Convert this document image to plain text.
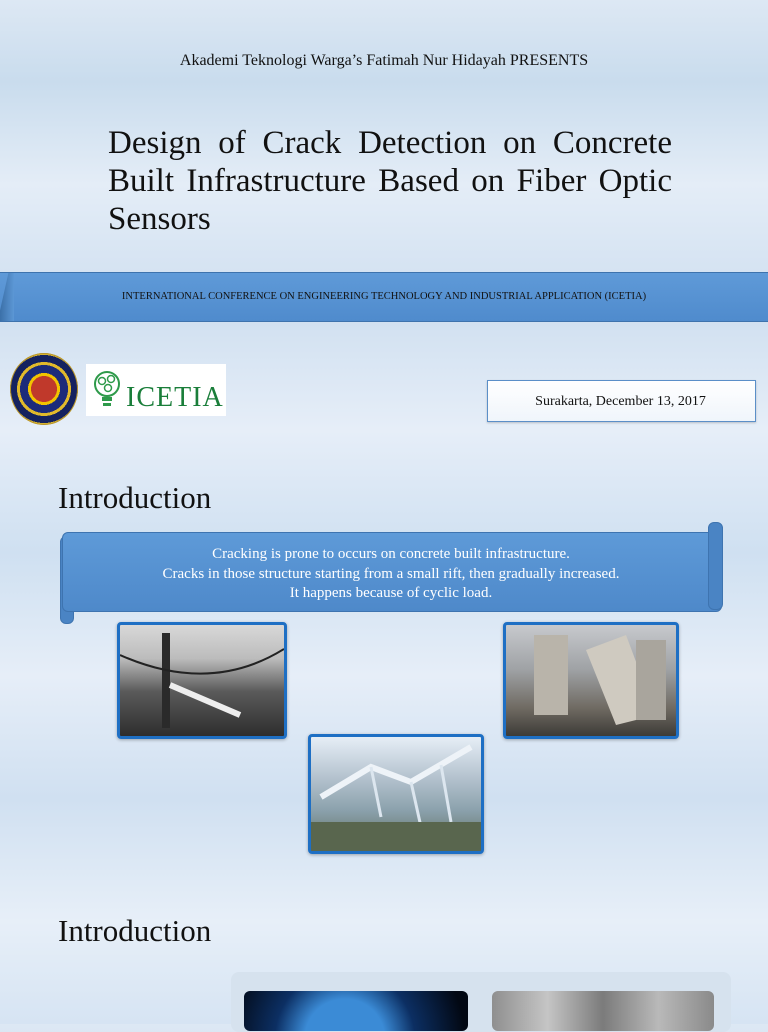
Akademi Teknologi Warga’s Fatimah Nur Hidayah PRESENTS
Design of Crack Detection on Concrete Built Infrastructure Based on Fiber Optic Sensors
INTERNATIONAL CONFERENCE ON ENGINEERING TECHNOLOGY AND INDUSTRIAL APPLICATION (ICETIA)
ICETIA	Surakarta, December 13, 2017
Introduction
Cracking is prone to occurs on concrete built infrastructure.
Cracks in those structure starting from a small rift, then gradually increased.
It happens because of cyclic load.
Introduction
